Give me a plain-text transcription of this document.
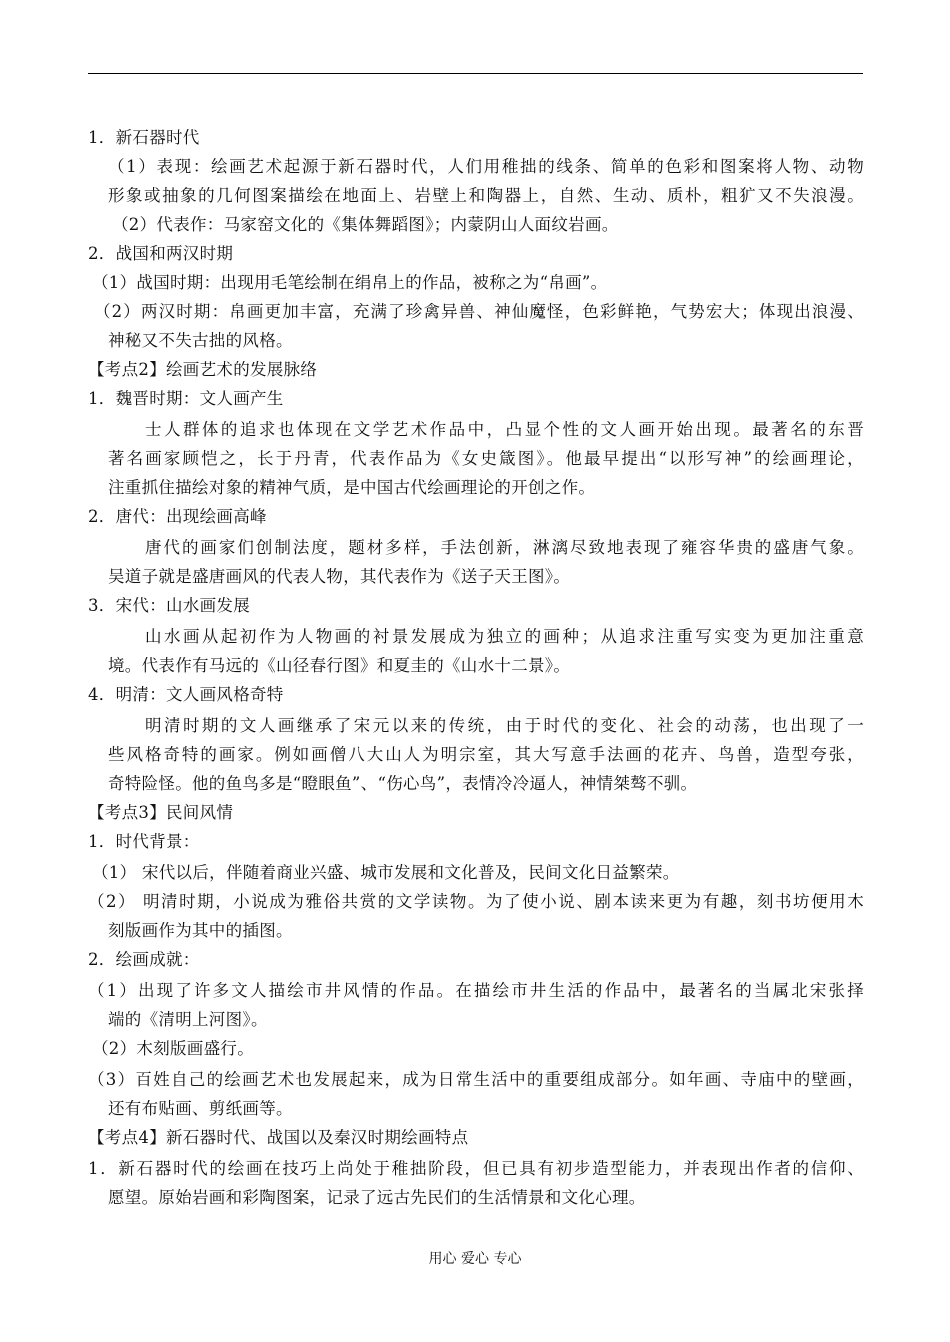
1．新石器时代
（1）表现：绘画艺术起源于新石器时代，人们用稚拙的线条、简单的色彩和图案将人物、动物
形象或抽象的几何图案描绘在地面上、岩壁上和陶器上，自然、生动、质朴，粗犷又不失浪漫。
（2）代表作：马家窑文化的《集体舞蹈图》；内蒙阴山人面纹岩画。
2．战国和两汉时期
（1）战国时期：出现用毛笔绘制在绢帛上的作品，被称之为“帛画”。
（2）两汉时期：帛画更加丰富，充满了珍禽异兽、神仙魔怪，色彩鲜艳，气势宏大；体现出浪漫、
神秘又不失古拙的风格。
【考点2】绘画艺术的发展脉络
1．魏晋时期：文人画产生
士人群体的追求也体现在文学艺术作品中，凸显个性的文人画开始出现。最著名的东晋
著名画家顾恺之，长于丹青，代表作品为《女史箴图》。他最早提出“以形写神”的绘画理论，
注重抓住描绘对象的精神气质，是中国古代绘画理论的开创之作。
2．唐代：出现绘画高峰
唐代的画家们创制法度，题材多样，手法创新，淋漓尽致地表现了雍容华贵的盛唐气象。
吴道子就是盛唐画风的代表人物，其代表作为《送子天王图》。
3．宋代：山水画发展
山水画从起初作为人物画的衬景发展成为独立的画种；从追求注重写实变为更加注重意
境。代表作有马远的《山径春行图》和夏圭的《山水十二景》。
4．明清：文人画风格奇特
明清时期的文人画继承了宋元以来的传统，由于时代的变化、社会的动荡，也出现了一
些风格奇特的画家。例如画僧八大山人为明宗室，其大写意手法画的花卉、鸟兽，造型夸张，
奇特险怪。他的鱼鸟多是“瞪眼鱼”、“伤心鸟”，表情冷冷逼人，神情桀骜不驯。
【考点3】民间风情
1．时代背景：
（1） 宋代以后，伴随着商业兴盛、城市发展和文化普及，民间文化日益繁荣。
（2） 明清时期，小说成为雅俗共赏的文学读物。为了使小说、剧本读来更为有趣，刻书坊便用木
刻版画作为其中的插图。
2．绘画成就：
（1）出现了许多文人描绘市井风情的作品。在描绘市井生活的作品中，最著名的当属北宋张择
端的《清明上河图》。
（2）木刻版画盛行。
（3）百姓自己的绘画艺术也发展起来，成为日常生活中的重要组成部分。如年画、寺庙中的壁画，
还有布贴画、剪纸画等。
【考点4】新石器时代、战国以及秦汉时期绘画特点
1．新石器时代的绘画在技巧上尚处于稚拙阶段，但已具有初步造型能力，并表现出作者的信仰、
愿望。原始岩画和彩陶图案，记录了远古先民们的生活情景和文化心理。
用心 爱心 专心
